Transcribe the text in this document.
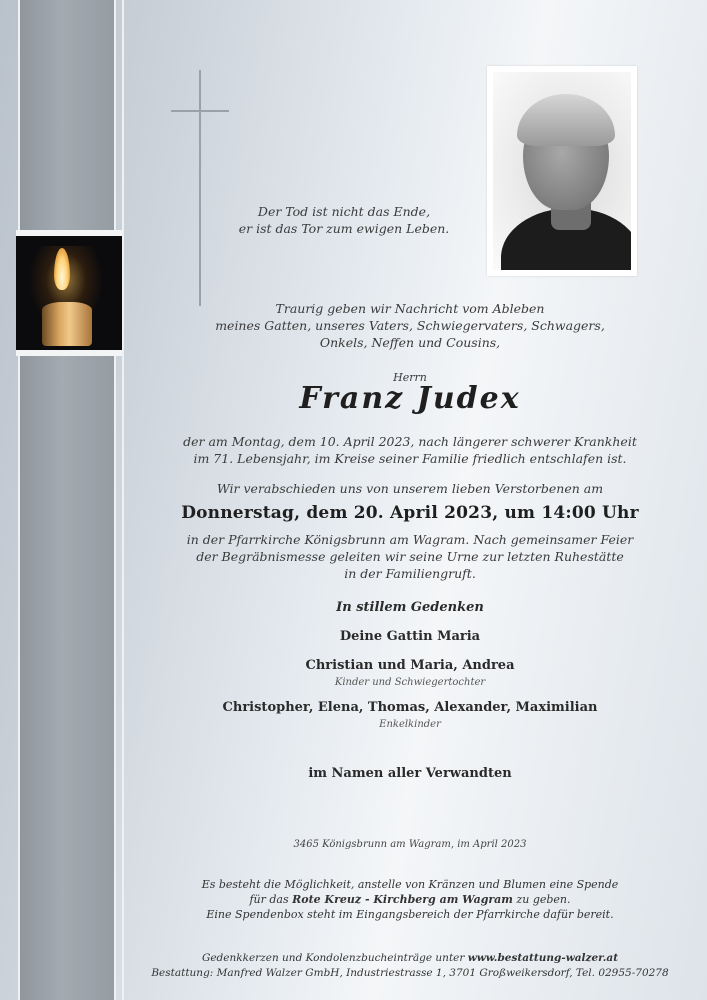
Der Tod ist nicht das Ende,
er ist das Tor zum ewigen Leben.
Traurig geben wir Nachricht vom Ableben
meines Gatten, unseres Vaters, Schwiegervaters, Schwagers,
Onkels, Neffen und Cousins,
Herrn
Franz Judex
der am Montag, dem 10. April 2023, nach längerer schwerer Krankheit
im 71. Lebensjahr, im Kreise seiner Familie friedlich entschlafen ist.
Wir verabschieden uns von unserem lieben Verstorbenen am
Donnerstag, dem 20. April 2023, um 14:00 Uhr
in der Pfarrkirche Königsbrunn am Wagram. Nach gemeinsamer Feier
der Begräbnismesse geleiten wir seine Urne zur letzten Ruhestätte
in der Familiengruft.
In stillem Gedenken
Deine Gattin Maria
Christian und Maria, Andrea
Kinder und Schwiegertochter
Christopher, Elena, Thomas, Alexander, Maximilian
Enkelkinder
im Namen aller Verwandten
3465 Königsbrunn am Wagram, im April 2023
Es besteht die Möglichkeit, anstelle von Kränzen und Blumen eine Spende
für das Rote Kreuz - Kirchberg am Wagram zu geben.
Eine Spendenbox steht im Eingangsbereich der Pfarrkirche dafür bereit.
Gedenkkerzen und Kondolenzbucheinträge unter www.bestattung-walzer.at
Bestattung: Manfred Walzer GmbH, Industriestrasse 1, 3701 Großweikersdorf, Tel. 02955-70278
